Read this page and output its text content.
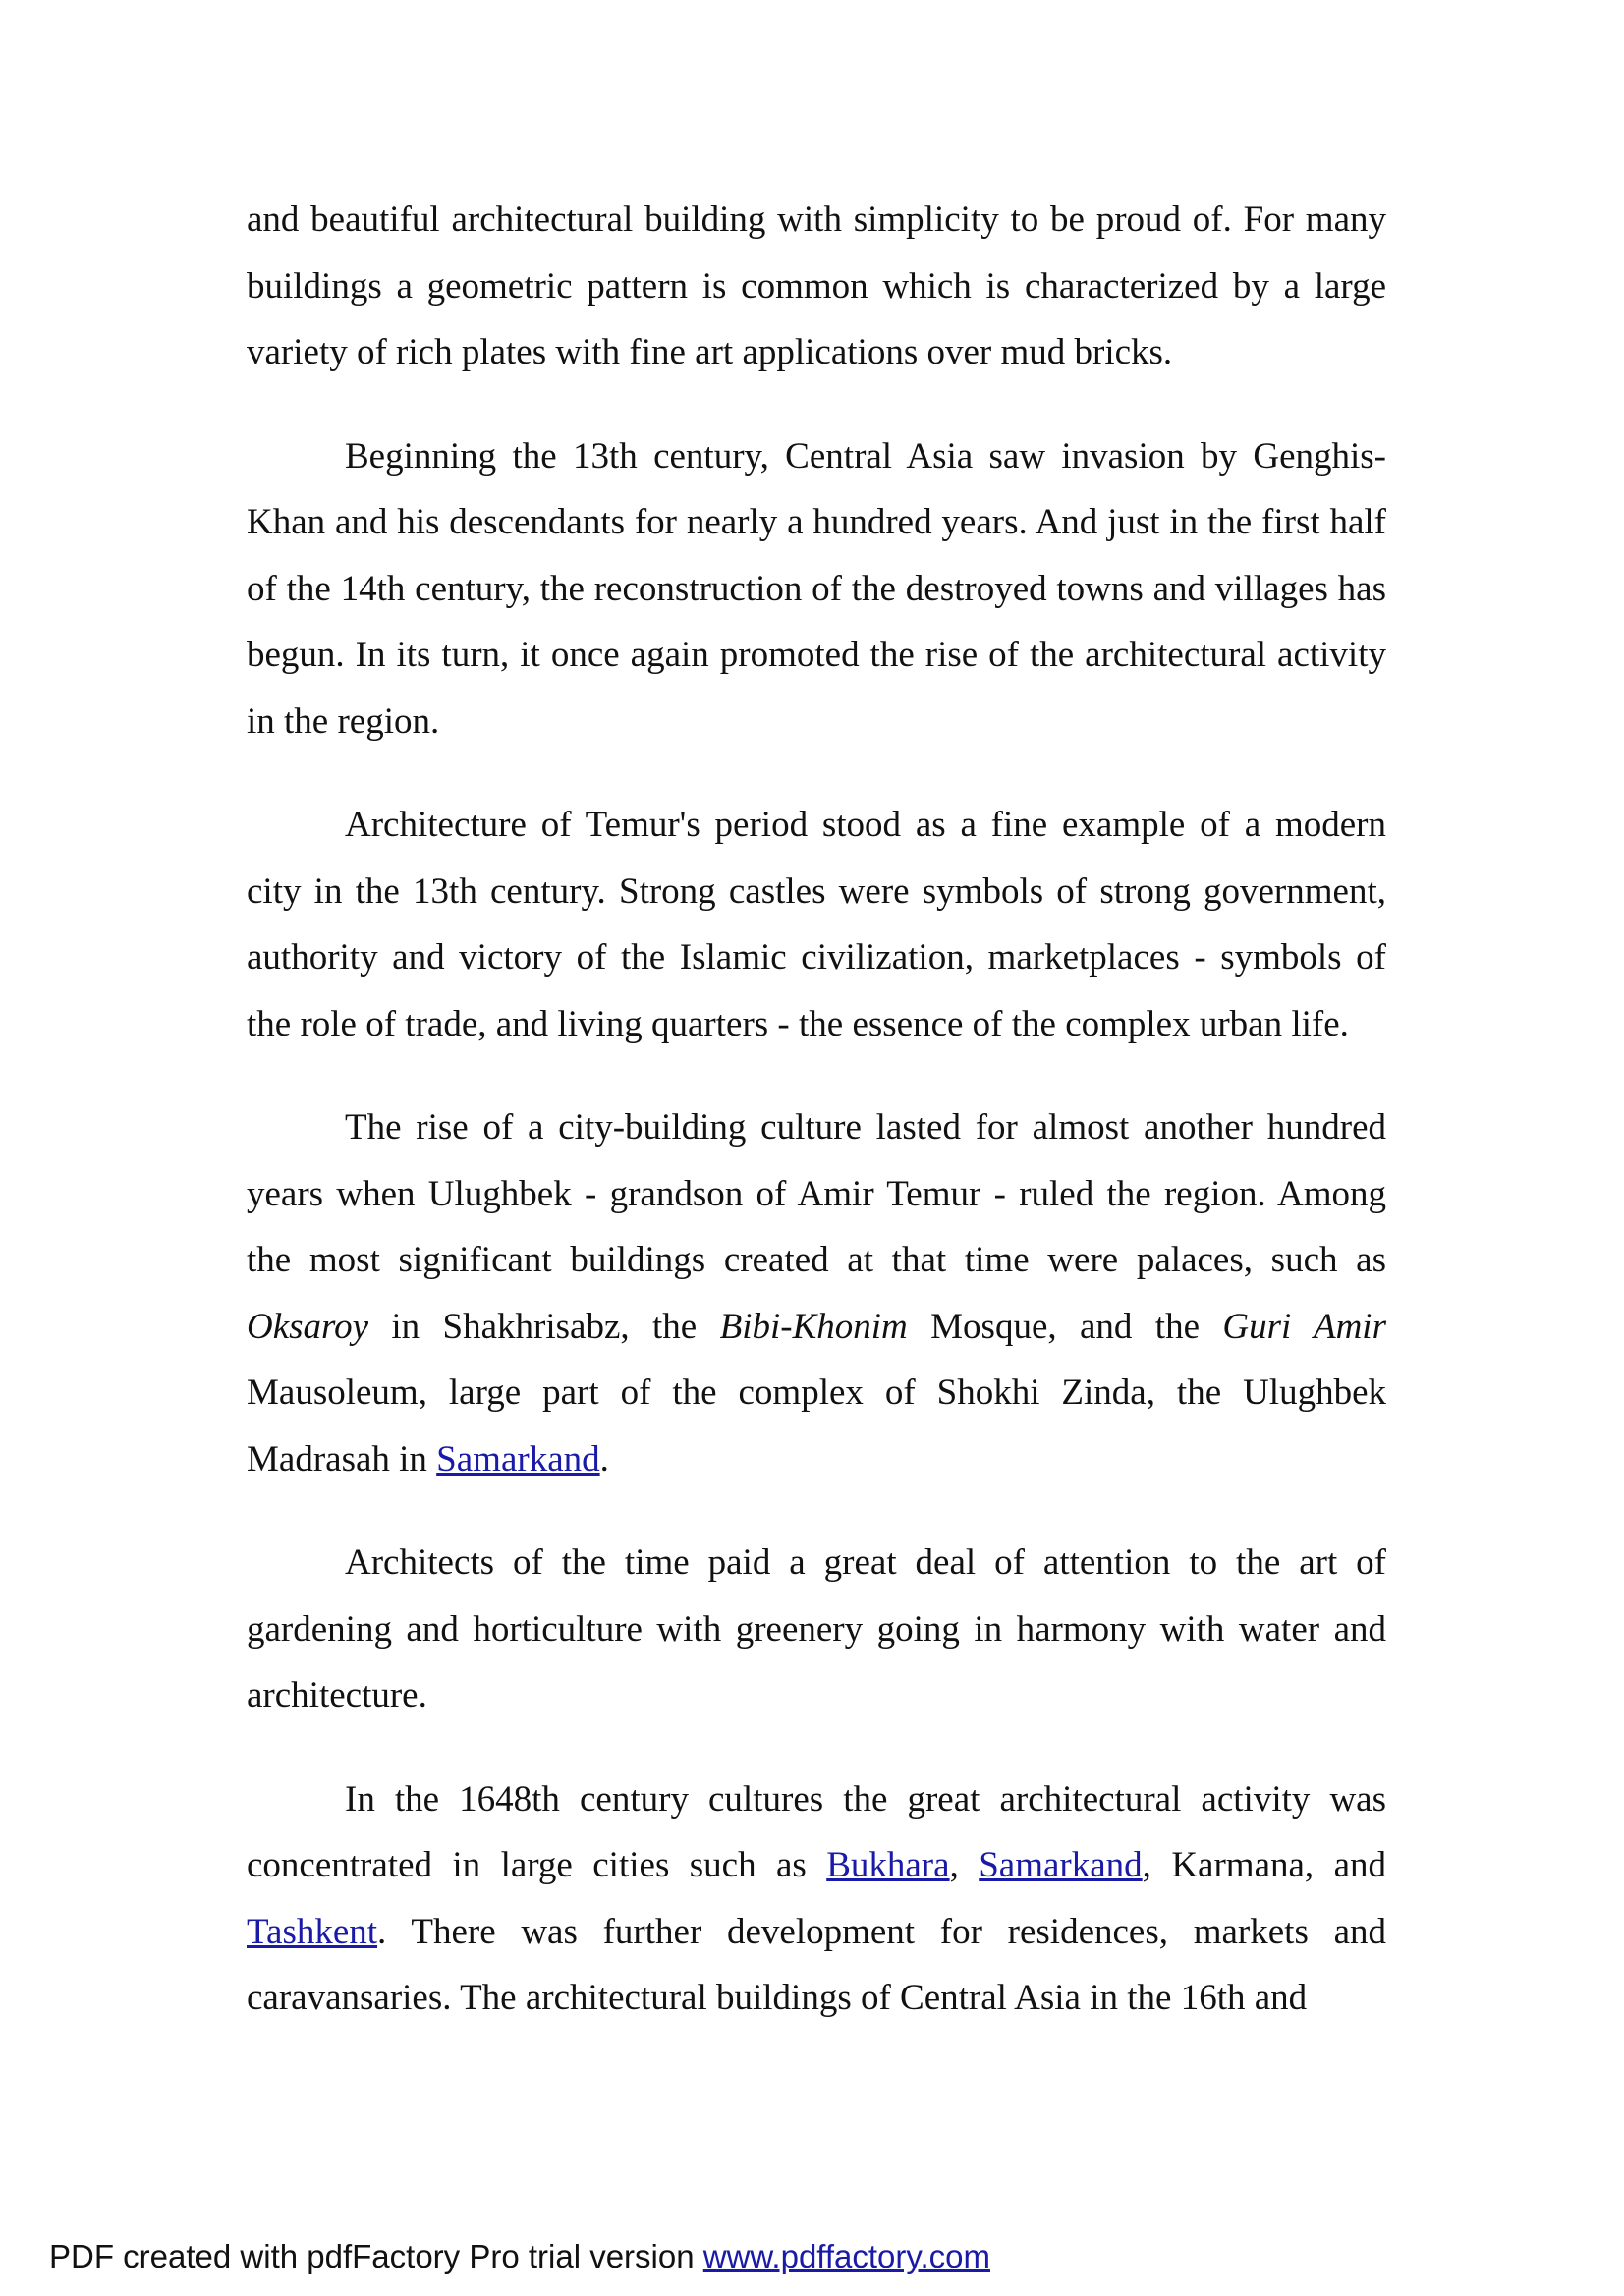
and beautiful architectural building with simplicity to be proud of. For many buildings a geometric pattern is common which is characterized by a large variety of rich plates with fine art applications over mud bricks.

Beginning the 13th century, Central Asia saw invasion by Genghis-Khan and his descendants for nearly a hundred years. And just in the first half of the 14th century, the reconstruction of the destroyed towns and villages has begun. In its turn, it once again promoted the rise of the architectural activity in the region.

Architecture of Temur's period stood as a fine example of a modern city in the 13th century. Strong castles were symbols of strong government, authority and victory of the Islamic civilization, marketplaces - symbols of the role of trade, and living quarters - the essence of the complex urban life.

The rise of a city-building culture lasted for almost another hundred years when Ulughbek - grandson of Amir Temur - ruled the region. Among the most significant buildings created at that time were palaces, such as Oksaroy in Shakhrisabz, the Bibi-Khonim Mosque, and the Guri Amir Mausoleum, large part of the complex of Shokhi Zinda, the Ulughbek Madrasah in Samarkand.

Architects of the time paid a great deal of attention to the art of gardening and horticulture with greenery going in harmony with water and architecture.

In the 1648th century cultures the great architectural activity was concentrated in large cities such as Bukhara, Samarkand, Karmana, and Tashkent. There was further development for residences, markets and caravansaries. The architectural buildings of Central Asia in the 16th and

PDF created with pdfFactory Pro trial version www.pdffactory.com
